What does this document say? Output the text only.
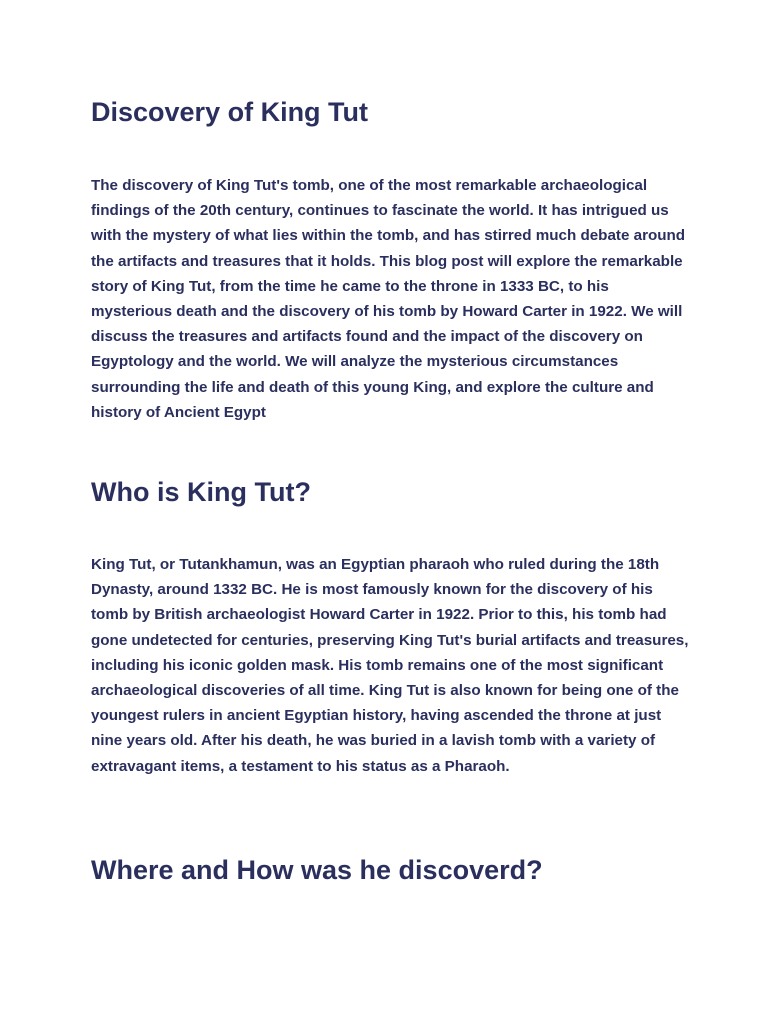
Discovery of King Tut

The discovery of King Tut's tomb, one of the most remarkable archaeological findings of the 20th century, continues to fascinate the world. It has intrigued us with the mystery of what lies within the tomb, and has stirred much debate around the artifacts and treasures that it holds. This blog post will explore the remarkable story of King Tut, from the time he came to the throne in 1333 BC, to his mysterious death and the discovery of his tomb by Howard Carter in 1922. We will discuss the treasures and artifacts found and the impact of the discovery on Egyptology and the world. We will analyze the mysterious circumstances surrounding the life and death of this young King, and explore the culture and history of Ancient Egypt

Who is King Tut?

King Tut, or Tutankhamun, was an Egyptian pharaoh who ruled during the 18th Dynasty, around 1332 BC. He is most famously known for the discovery of his tomb by British archaeologist Howard Carter in 1922. Prior to this, his tomb had gone undetected for centuries, preserving King Tut's burial artifacts and treasures, including his iconic golden mask. His tomb remains one of the most significant archaeological discoveries of all time. King Tut is also known for being one of the youngest rulers in ancient Egyptian history, having ascended the throne at just nine years old. After his death, he was buried in a lavish tomb with a variety of extravagant items, a testament to his status as a Pharaoh.

Where and How was he discoverd?
